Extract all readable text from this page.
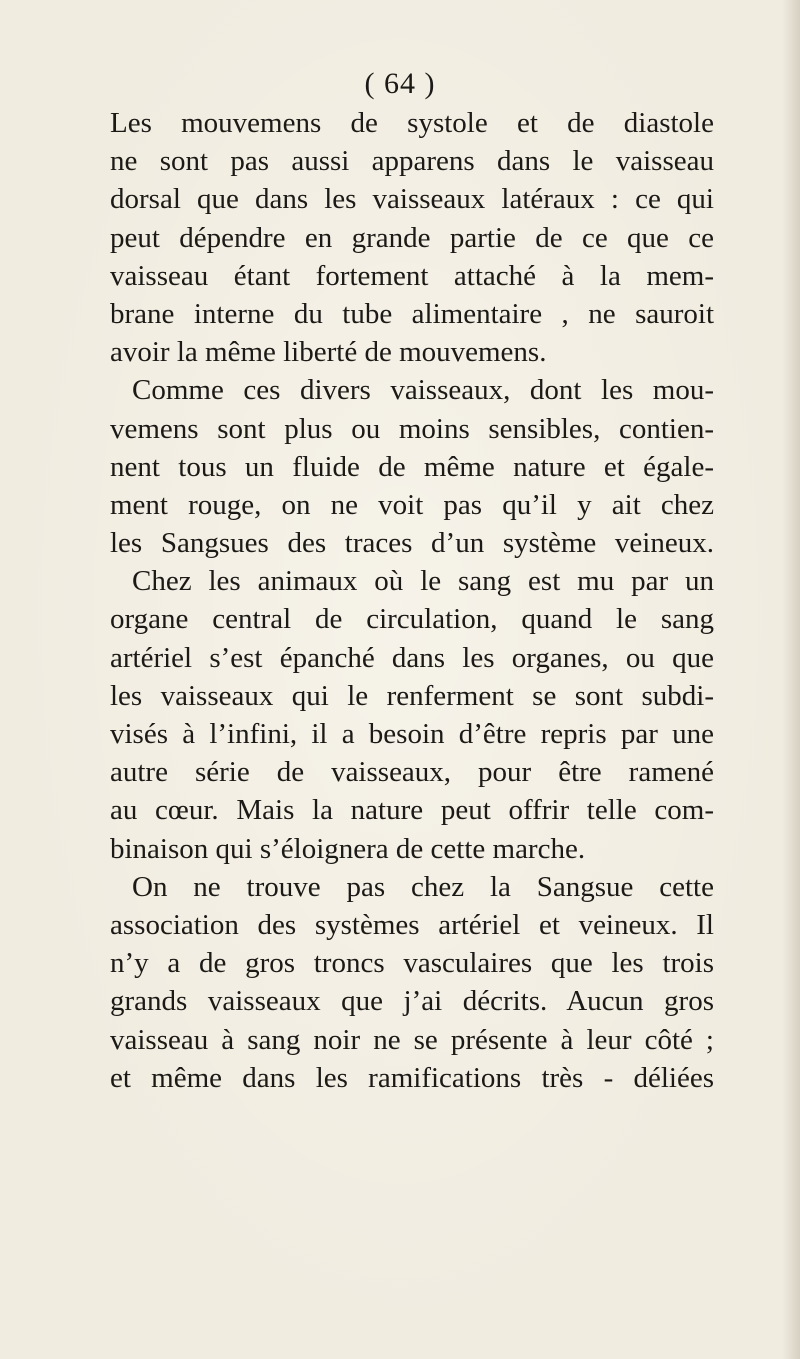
( 64 )
Les mouvemens de systole et de diastole
ne sont pas aussi apparens dans le vaisseau
dorsal que dans les vaisseaux latéraux : ce qui
peut dépendre en grande partie de ce que ce
vaisseau étant fortement attaché à la mem-
brane interne du tube alimentaire , ne sauroit
avoir la même liberté de mouvemens.
Comme ces divers vaisseaux, dont les mou-
vemens sont plus ou moins sensibles, contien-
nent tous un fluide de même nature et égale-
ment rouge, on ne voit pas qu’il y ait chez
les Sangsues des traces d’un système veineux.
Chez les animaux où le sang est mu par un
organe central de circulation, quand le sang
artériel s’est épanché dans les organes, ou que
les vaisseaux qui le renferment se sont subdi-
visés à l’infini, il a besoin d’être repris par une
autre série de vaisseaux, pour être ramené
au cœur. Mais la nature peut offrir telle com-
binaison qui s’éloignera de cette marche.
On ne trouve pas chez la Sangsue cette
association des systèmes artériel et veineux. Il
n’y a de gros troncs vasculaires que les trois
grands vaisseaux que j’ai décrits. Aucun gros
vaisseau à sang noir ne se présente à leur côté ;
et même dans les ramifications très - déliées
